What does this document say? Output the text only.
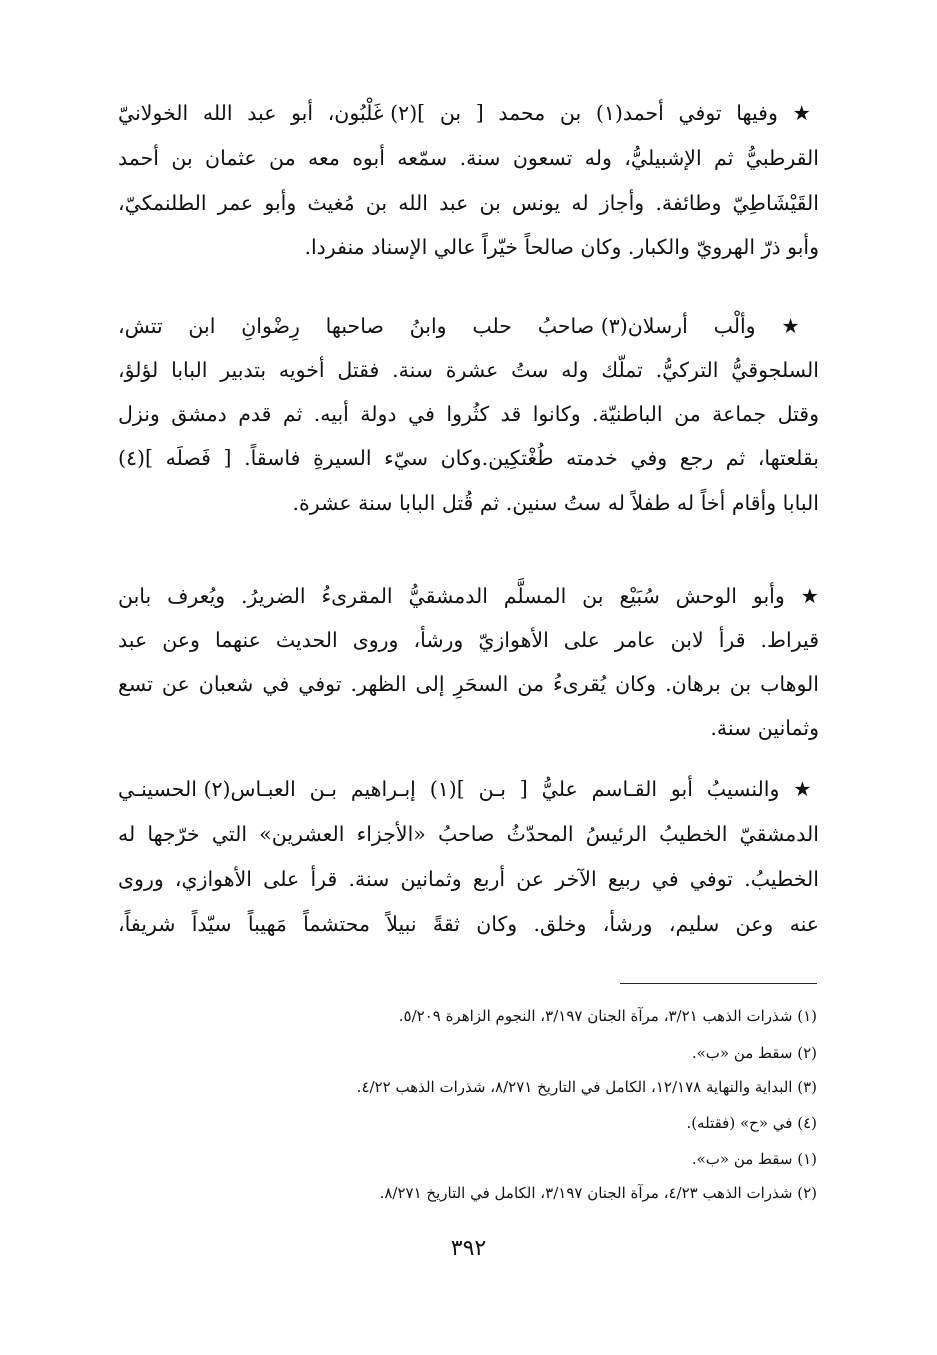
★ وفيها توفي أحمد(١) بن محمد [ بن ](٢) غَلْبُون، أبو عبد الله الخولانيّ
القرطبيُّ ثم الإشبيليُّ، وله تسعون سنة. سمّعه أبوه معه من عثمان بن أحمد
القَيْشَاطِيّ وطائفة. وأجاز له يونس بن عبد الله بن مُغيث وأبو عمر الطلنمكيّ،
وأبو ذرّ الهرويّ والكبار. وكان صالحاً خيّراً عالي الإسناد منفردا.
★ وألْب أرسلان(٣) صاحبُ حلب وابنُ صاحبها رِضْوانِ ابن تتش،
السلجوقيُّ التركيُّ. تملّك وله ستُ عشرة سنة. فقتل أخويه بتدبير البابا لؤلؤ،
وقتل جماعة من الباطنيّة. وكانوا قد كثُروا في دولة أبيه. ثم قدم دمشق ونزل
بقلعتها، ثم رجع وفي خدمته طُغْتكِين.وكان سيّء السيرةِ فاسقاً. [ فَصلَه ](٤)
البابا وأقام أخاً له طفلاً له ستُ سنين. ثم قُتل البابا سنة عشرة.
★ وأبو الوحش سُبَيْع بن المسلَّم الدمشقيُّ المقرىءُ الضريرُ. ويُعرف بابن
قيراط. قرأ لابن عامر على الأهوازيّ ورشأ، وروى الحديث عنهما وعن عبد
الوهاب بن برهان. وكان يُقرىءُ من السحَرِ إلى الظهر. توفي في شعبان عن تسع
وثمانين سنة.
★ والنسيبُ أبو القـاسم عليُّ [ بـن ](١) إبـراهيم بـن العبـاس(٢) الحسينـي
الدمشقيّ الخطيبُ الرئيسُ المحدّثُ صاحبُ «الأجزاء العشرين» التي خرّجها له
الخطيبُ. توفي في ربيع الآخر عن أربع وثمانين سنة. قرأ على الأهوازي، وروى
عنه وعن سليم، ورشأ، وخلق. وكان ثقةً نبيلاً محتشماً مَهيباً سيّداً شريفاً،
(١) شذرات الذهب ٣/٢١، مرآة الجنان ٣/١٩٧، النجوم الزاهرة ٥/٢٠٩.
(٢) سقط من «ب».
(٣) البداية والنهاية ١٢/١٧٨، الكامل في التاريخ ٨/٢٧١، شذرات الذهب ٤/٢٢.
(٤) في «ح» (فقتله).
(١) سقط من «ب».
(٢) شذرات الذهب ٤/٢٣، مرآة الجنان ٣/١٩٧، الكامل في التاريخ ٨/٢٧١.
٣٩٢
